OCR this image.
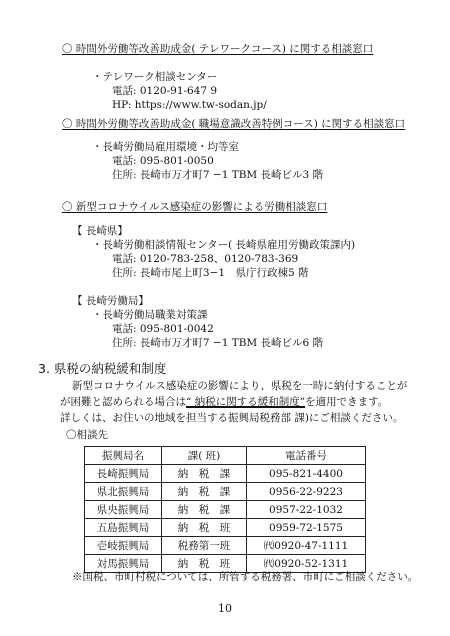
〇 時間外労働等改善助成金( テレワークコース) に関する相談窓口
・テレワーク相談センター
電話: 0120-91-647 9
HP: https://www.tw-sodan.jp/
〇 時間外労働等改善助成金( 職場意識改善特例コース) に関する相談窓口
・長崎労働局雇用環境・均等室
電話: 095-801-0050
住所: 長崎市万才町7 −1 TBM 長崎ビル3 階
〇 新型コロナウイルス感染症の影響による労働相談窓口
【 長崎県】
・長崎労働相談情報センター( 長崎県雇用労働政策課内)
電話: 0120-783-258、0120-783-369
住所: 長崎市尾上町3−1　県庁行政棟5 階
【 長崎労働局】
・長崎労働局職業対策課
電話: 095-801-0042
住所: 長崎市万才町7 −1 TBM 長崎ビル6 階
3. 県税の納税緩和制度
新型コロナウイルス感染症の影響により、県税を一時に納付することが
が困難と認められる場合は“ 納税に関する緩和制度”を適用できます。
詳しくは、お住いの地域を担当する振興局税務部 課)にご相談ください。
〇相談先
振興局名	課( 班)	電話番号
長崎振興局	納　税　課	095-821-4400
県北振興局	納　税　課	0956-22-9223
県央振興局	納　税　課	0957-22-1032
五島振興局	納　税　班	0959-72-1575
壱岐振興局	税務第一班	㈹0920-47-1111
対馬振興局	納　税　班	㈹0920-52-1311
※国税、市町村税については、所管する税務署、市町にご相談ください。
10
